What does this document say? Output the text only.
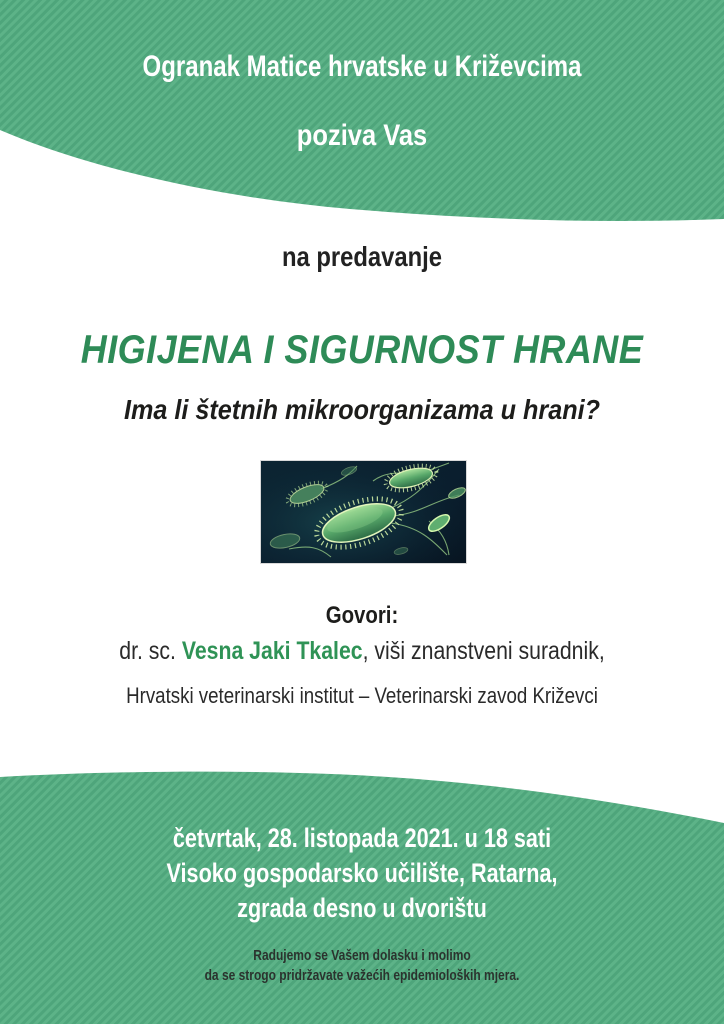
Ogranak Matice hrvatske u Križevcima
poziva Vas
na predavanje
HIGIJENA I SIGURNOST HRANE
Ima li štetnih mikroorganizama u hrani?
Govori:
dr. sc. Vesna Jaki Tkalec, viši znanstveni suradnik,
Hrvatski veterinarski institut – Veterinarski zavod Križevci
četvrtak, 28. listopada 2021. u 18 sati
Visoko gospodarsko učilište, Ratarna,
zgrada desno u dvorištu
Radujemo se Vašem dolasku i molimo
da se strogo pridržavate važećih epidemioloških mjera.
